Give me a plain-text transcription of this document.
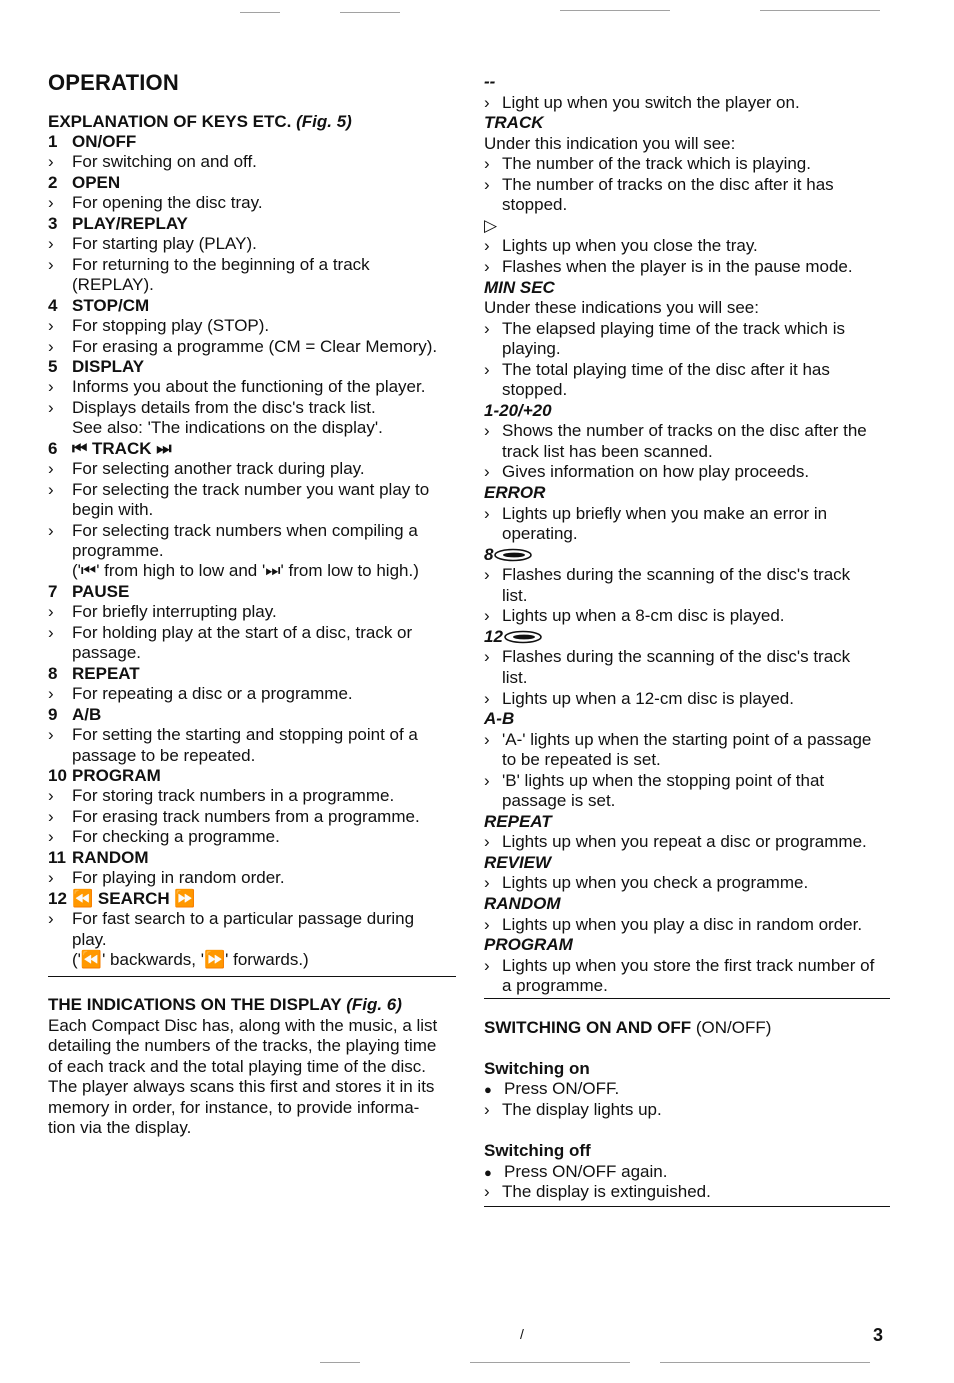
OPERATION
EXPLANATION OF KEYS ETC. (Fig. 5)
1 ON/OFF
› For switching on and off.
2 OPEN
› For opening the disc tray.
3 PLAY/REPLAY
› For starting play (PLAY).
› For returning to the beginning of a track
(REPLAY).
4 STOP/CM
› For stopping play (STOP).
› For erasing a programme (CM = Clear Memory).
5 DISPLAY
› Informs you about the functioning of the player.
› Displays details from the disc's track list.
See also: 'The indications on the display'.
6 ⏮ TRACK ⏭
› For selecting another track during play.
› For selecting the track number you want play to
begin with.
› For selecting track numbers when compiling a
programme.
('⏮' from high to low and '⏭' from low to high.)
7 PAUSE
› For briefly interrupting play.
› For holding play at the start of a disc, track or
passage.
8 REPEAT
› For repeating a disc or a programme.
9 A/B
› For setting the starting and stopping point of a
passage to be repeated.
10 PROGRAM
› For storing track numbers in a programme.
› For erasing track numbers from a programme.
› For checking a programme.
11 RANDOM
› For playing in random order.
12 ⏪ SEARCH ⏩
› For fast search to a particular passage during
play.
('⏪' backwards, '⏩' forwards.)
THE INDICATIONS ON THE DISPLAY (Fig. 6)
Each Compact Disc has, along with the music, a list
detailing the numbers of the tracks, the playing time
of each track and the total playing time of the disc.
The player always scans this first and stores it in its
memory in order, for instance, to provide informa-
tion via the display.
--
› Light up when you switch the player on.
TRACK
Under this indication you will see:
› The number of the track which is playing.
› The number of tracks on the disc after it has
stopped.
▷
› Lights up when you close the tray.
› Flashes when the player is in the pause mode.
MIN SEC
Under these indications you will see:
› The elapsed playing time of the track which is
playing.
› The total playing time of the disc after it has
stopped.
1-20/+20
› Shows the number of tracks on the disc after the
track list has been scanned.
› Gives information on how play proceeds.
ERROR
› Lights up briefly when you make an error in
operating.
8
› Flashes during the scanning of the disc's track
list.
› Lights up when a 8-cm disc is played.
12
› Flashes during the scanning of the disc's track
list.
› Lights up when a 12-cm disc is played.
A-B
› 'A-' lights up when the starting point of a passage
to be repeated is set.
› 'B' lights up when the stopping point of that
passage is set.
REPEAT
› Lights up when you repeat a disc or programme.
REVIEW
› Lights up when you check a programme.
RANDOM
› Lights up when you play a disc in random order.
PROGRAM
› Lights up when you store the first track number of
a programme.
SWITCHING ON AND OFF (ON/OFF)
Switching on
● Press ON/OFF.
› The display lights up.
Switching off
● Press ON/OFF again.
› The display is extinguished.
/	3
